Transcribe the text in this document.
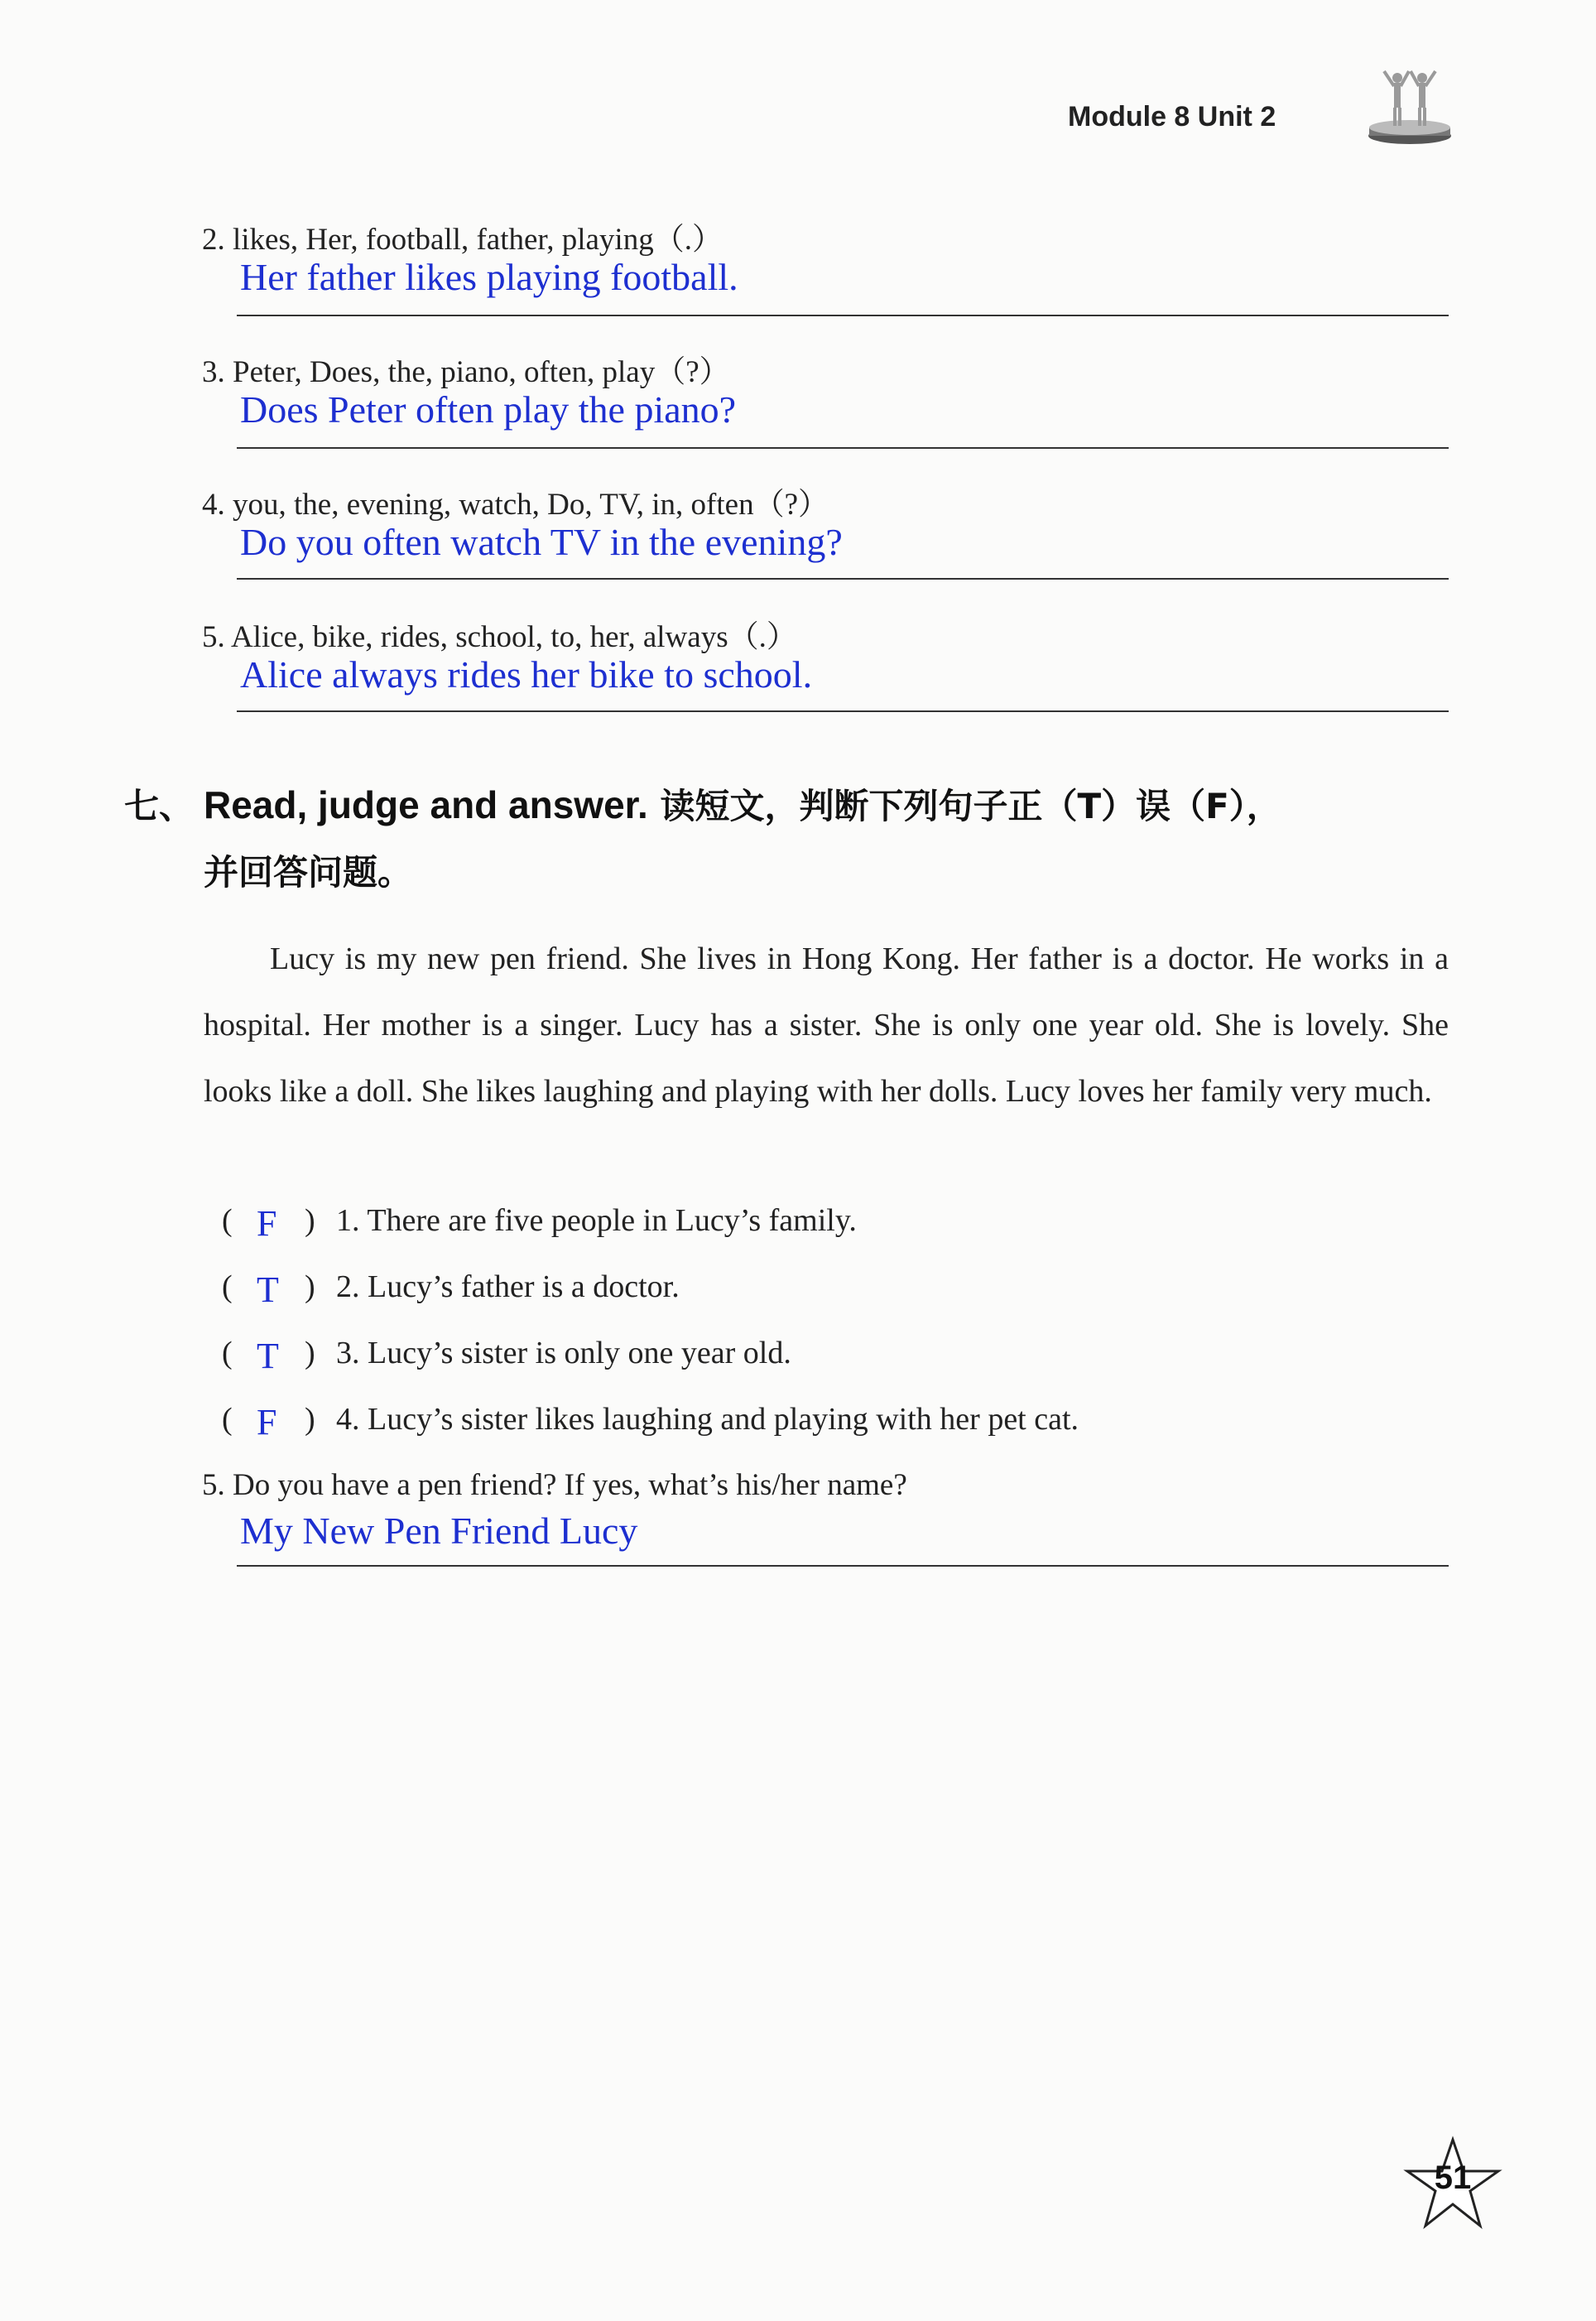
Module 8 Unit 2
2. likes, Her, football, father, playing（.）
Her father likes playing football.
3. Peter, Does, the, piano, often, play（?）
Does Peter often play the piano?
4. you, the, evening, watch, Do, TV, in, often（?）
Do you often watch TV in the evening?
5. Alice, bike, rides, school, to, her, always（.）
Alice always rides her bike to school.
七、 Read, judge and answer. 读短文，判断下列句子正（T）误（F），
并回答问题。

Lucy is my new pen friend. She lives in Hong Kong. Her father is a doctor. He works in a hospital. Her mother is a singer. Lucy has a sister. She is only one year old. She is lovely. She looks like a doll. She likes laughing and playing with her dolls. Lucy loves her family very much.

( F ) 1. There are five people in Lucy’s family.
( T ) 2. Lucy’s father is a doctor.
( T ) 3. Lucy’s sister is only one year old.
( F ) 4. Lucy’s sister likes laughing and playing with her pet cat.
5. Do you have a pen friend? If yes, what’s his/her name?
My New Pen Friend Lucy
51
